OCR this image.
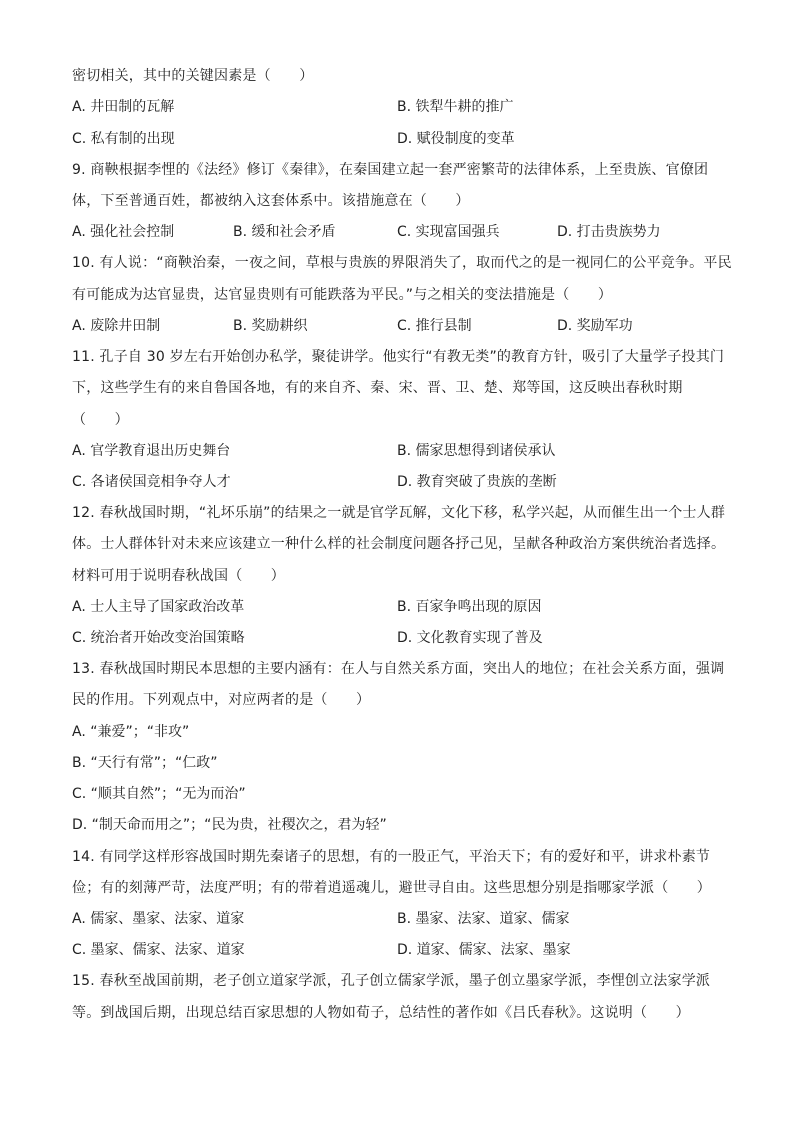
密切相关，其中的关键因素是（　　）
A. 井田制的瓦解	B. 铁犁牛耕的推广
C. 私有制的出现	D. 赋役制度的变革
9. 商鞅根据李悝的《法经》修订《秦律》，在秦国建立起一套严密繁苛的法律体系，上至贵族、官僚团
体，下至普通百姓，都被纳入这套体系中。该措施意在（　　）
A. 强化社会控制	B. 缓和社会矛盾	C. 实现富国强兵	D. 打击贵族势力
10. 有人说：“商鞅治秦，一夜之间，草根与贵族的界限消失了，取而代之的是一视同仁的公平竞争。平民
有可能成为达官显贵，达官显贵则有可能跌落为平民。”与之相关的变法措施是（　　）
A. 废除井田制	B. 奖励耕织	C. 推行县制	D. 奖励军功
11. 孔子自 30 岁左右开始创办私学，聚徒讲学。他实行“有教无类”的教育方针，吸引了大量学子投其门
下，这些学生有的来自鲁国各地，有的来自齐、秦、宋、晋、卫、楚、郑等国，这反映出春秋时期
（　　）
A. 官学教育退出历史舞台	B. 儒家思想得到诸侯承认
C. 各诸侯国竞相争夺人才	D. 教育突破了贵族的垄断
12. 春秋战国时期，“礼坏乐崩”的结果之一就是官学瓦解，文化下移，私学兴起，从而催生出一个士人群
体。士人群体针对未来应该建立一种什么样的社会制度问题各抒己见，呈献各种政治方案供统治者选择。
材料可用于说明春秋战国（　　）
A. 士人主导了国家政治改革	B. 百家争鸣出现的原因
C. 统治者开始改变治国策略	D. 文化教育实现了普及
13. 春秋战国时期民本思想的主要内涵有：在人与自然关系方面，突出人的地位；在社会关系方面，强调
民的作用。下列观点中，对应两者的是（　　）
A. “兼爱”；“非攻”
B. “天行有常”；“仁政”
C. “顺其自然”；“无为而治”
D. “制天命而用之”；“民为贵，社稷次之，君为轻”
14. 有同学这样形容战国时期先秦诸子的思想，有的一股正气，平治天下；有的爱好和平，讲求朴素节
俭；有的刻薄严苛，法度严明；有的带着逍遥魂儿，避世寻自由。这些思想分别是指哪家学派（　　）
A. 儒家、墨家、法家、道家	B. 墨家、法家、道家、儒家
C. 墨家、儒家、法家、道家	D. 道家、儒家、法家、墨家
15. 春秋至战国前期，老子创立道家学派，孔子创立儒家学派，墨子创立墨家学派，李悝创立法家学派
等。到战国后期，出现总结百家思想的人物如荀子，总结性的著作如《吕氏春秋》。这说明（　　）
